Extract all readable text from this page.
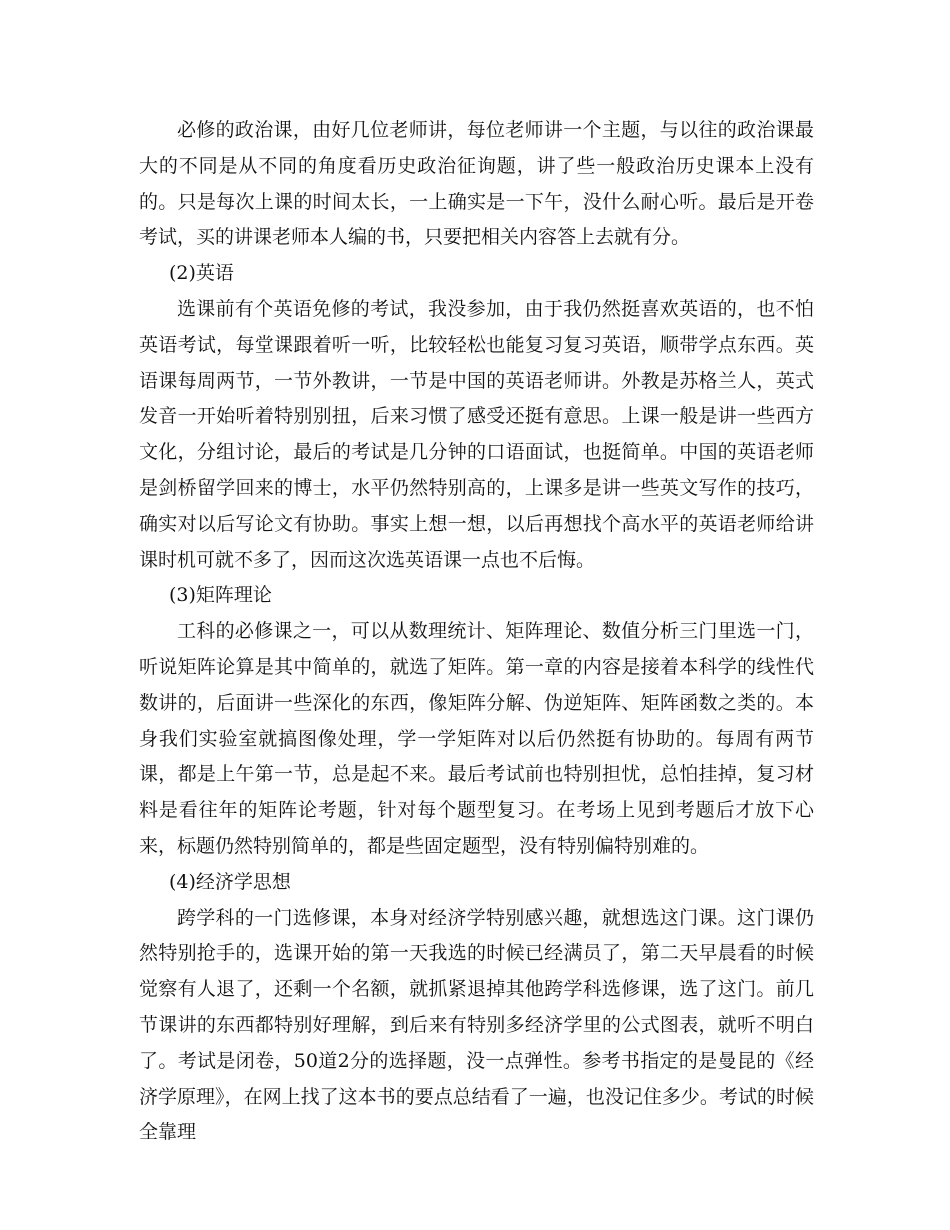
必修的政治课，由好几位老师讲，每位老师讲一个主题，与以往的政治课最大的不同是从不同的角度看历史政治征询题，讲了些一般政治历史课本上没有的。只是每次上课的时间太长，一上确实是一下午，没什么耐心听。最后是开卷考试，买的讲课老师本人编的书，只要把相关内容答上去就有分。

(2)英语

选课前有个英语免修的考试，我没参加，由于我仍然挺喜欢英语的，也不怕英语考试，每堂课跟着听一听，比较轻松也能复习复习英语，顺带学点东西。英语课每周两节，一节外教讲，一节是中国的英语老师讲。外教是苏格兰人，英式发音一开始听着特别别扭，后来习惯了感受还挺有意思。上课一般是讲一些西方文化，分组讨论，最后的考试是几分钟的口语面试，也挺简单。中国的英语老师是剑桥留学回来的博士，水平仍然特别高的，上课多是讲一些英文写作的技巧，确实对以后写论文有协助。事实上想一想，以后再想找个高水平的英语老师给讲课时机可就不多了，因而这次选英语课一点也不后悔。

(3)矩阵理论

工科的必修课之一，可以从数理统计、矩阵理论、数值分析三门里选一门，听说矩阵论算是其中简单的，就选了矩阵。第一章的内容是接着本科学的线性代数讲的，后面讲一些深化的东西，像矩阵分解、伪逆矩阵、矩阵函数之类的。本身我们实验室就搞图像处理，学一学矩阵对以后仍然挺有协助的。每周有两节课，都是上午第一节，总是起不来。最后考试前也特别担忧，总怕挂掉，复习材料是看往年的矩阵论考题，针对每个题型复习。在考场上见到考题后才放下心来，标题仍然特别简单的，都是些固定题型，没有特别偏特别难的。

(4)经济学思想

跨学科的一门选修课，本身对经济学特别感兴趣，就想选这门课。这门课仍然特别抢手的，选课开始的第一天我选的时候已经满员了，第二天早晨看的时候觉察有人退了，还剩一个名额，就抓紧退掉其他跨学科选修课，选了这门。前几节课讲的东西都特别好理解，到后来有特别多经济学里的公式图表，就听不明白了。考试是闭卷，50道2分的选择题，没一点弹性。参考书指定的是曼昆的《经济学原理》，在网上找了这本书的要点总结看了一遍，也没记住多少。考试的时候全靠理
